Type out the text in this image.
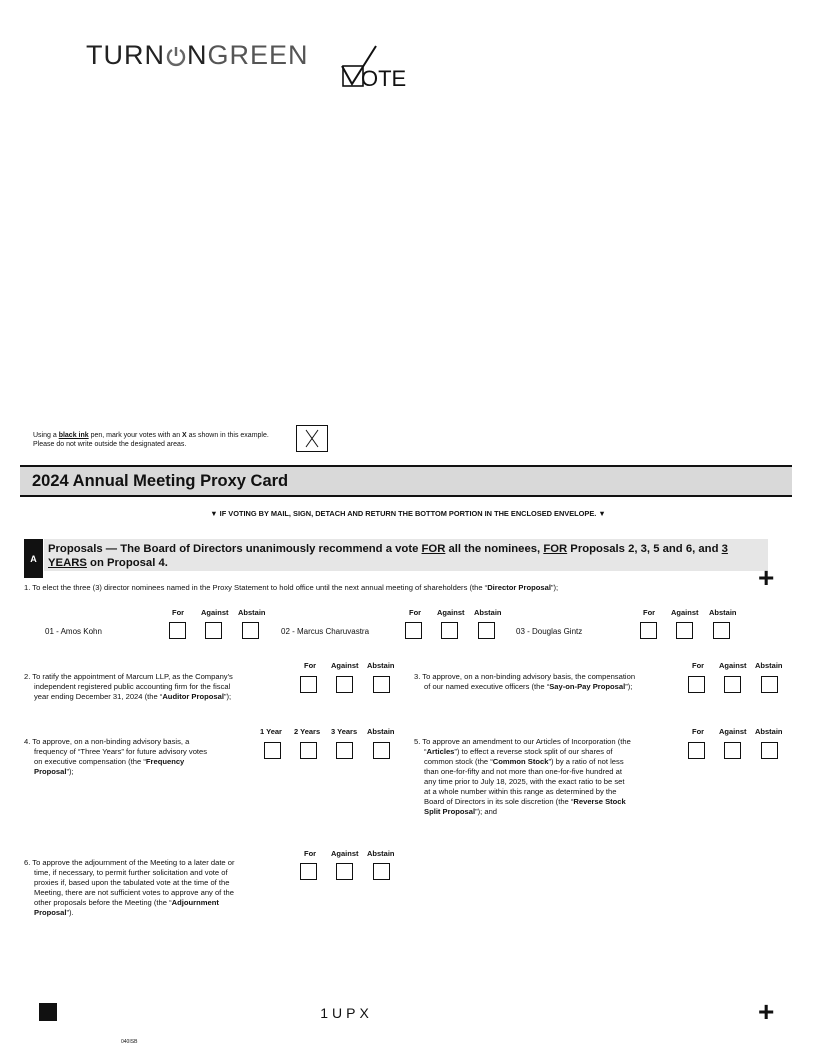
TURN NGREEN
OTE
Using a black ink pen, mark your votes with an X as shown in this example.
Please do not write outside the designated areas.
2024 Annual Meeting Proxy Card
▼ IF VOTING BY MAIL, SIGN, DETACH AND RETURN THE BOTTOM PORTION IN THE ENCLOSED ENVELOPE. ▼
A
Proposals — The Board of Directors unanimously recommend a vote FOR all the nominees, FOR Proposals 2, 3, 5 and 6, and 3 YEARS on Proposal 4.	+
1. To elect the three (3) director nominees named in the Proxy Statement to hold office until the next annual meeting of shareholders (the “Director Proposal”);
For Against Abstain	For Against Abstain	For Against Abstain
01 - Amos Kohn	02 - Marcus Charuvastra	03 - Douglas Gintz
2. To ratify the appointment of Marcum LLP, as the Company's
independent registered public accounting firm for the fiscal
year ending December 31, 2024 (the “Auditor Proposal”);
For Against Abstain
3. To approve, on a non-binding advisory basis, the compensation
of our named executive officers (the “Say-on-Pay Proposal”);
For Against Abstain
4. To approve, on a non-binding advisory basis, a
frequency of “Three Years” for future advisory votes
on executive compensation (the “Frequency
Proposal”);
1 Year 2 Years 3 Years Abstain
5. To approve an amendment to our Articles of Incorporation (the
“Articles”) to effect a reverse stock split of our shares of
common stock (the “Common Stock”) by a ratio of not less
than one-for-fifty and not more than one-for-five hundred at
any time prior to July 18, 2025, with the exact ratio to be set
at a whole number within this range as determined by the
Board of Directors in its sole discretion (the “Reverse Stock
Split Proposal”); and
For Against Abstain
6. To approve the adjournment of the Meeting to a later date or
time, if necessary, to permit further solicitation and vote of
proxies if, based upon the tabulated vote at the time of the
Meeting, there are not sufficient votes to approve any of the
other proposals before the Meeting (the “Adjournment
Proposal”).
For Against Abstain
1UPX	+
040ISB
